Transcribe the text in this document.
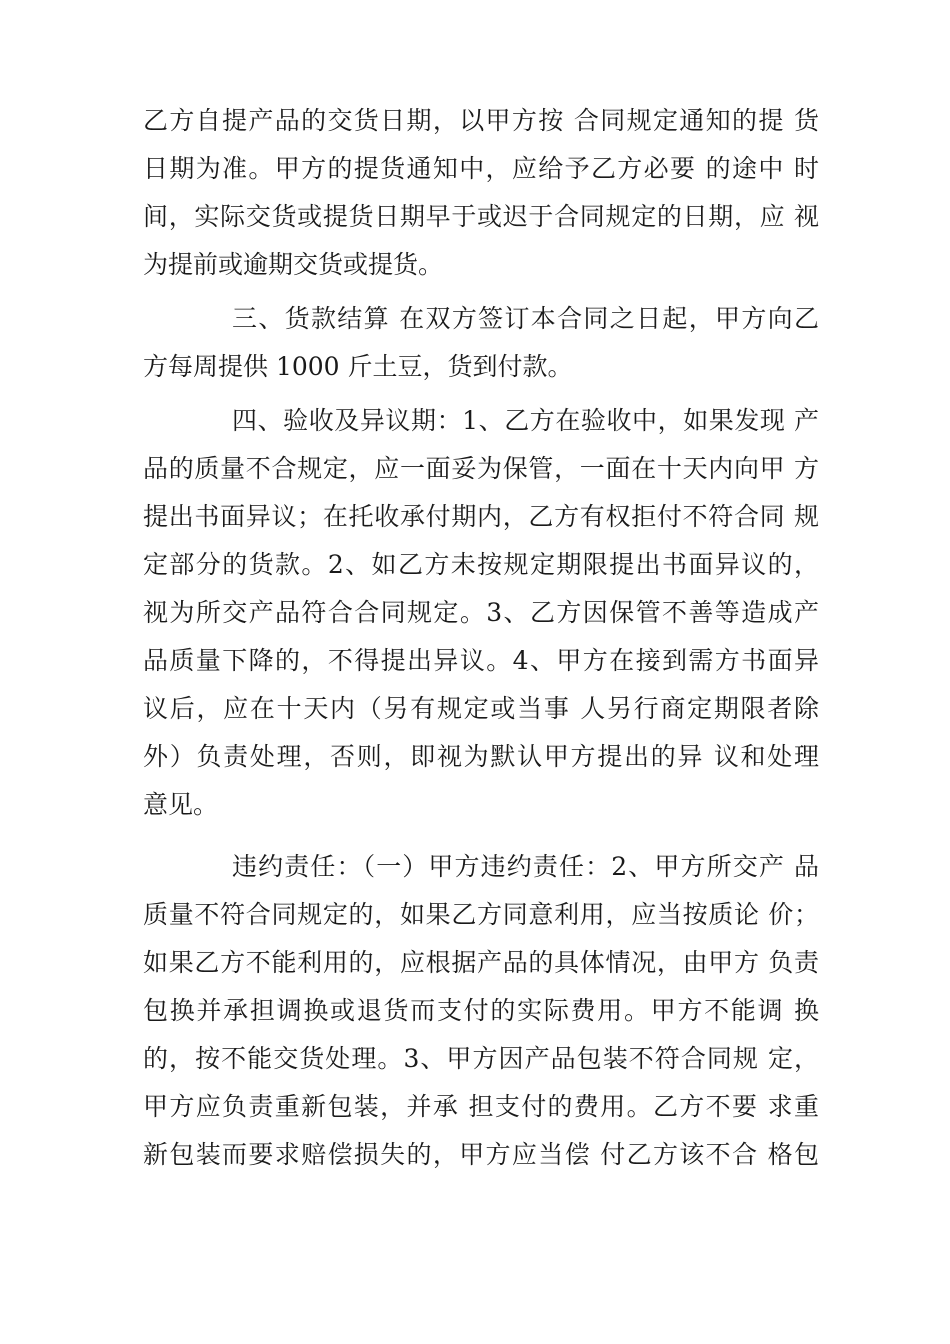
乙方自提产品的交货日期，以甲方按 合同规定通知的提 货
日期为准。甲方的提货通知中，应给予乙方必要 的途中 时
间，实际交货或提货日期早于或迟于合同规定的日期，应 视
为提前或逾期交货或提货。
三、货款结算 在双方签订本合同之日起，甲方向乙
方每周提供 1000 斤土豆，货到付款。
四、验收及异议期：1、乙方在验收中，如果发现 产
品的质量不合规定，应一面妥为保管，一面在十天内向甲 方
提出书面异议；在托收承付期内，乙方有权拒付不符合同 规
定部分的货款。2、如乙方未按规定期限提出书面异议的，
视为所交产品符合合同规定。3、乙方因保管不善等造成产
品质量下降的，不得提出异议。4、甲方在接到需方书面异
议后，应在十天内（另有规定或当事 人另行商定期限者除
外）负责处理，否则，即视为默认甲方提出的异 议和处理
意见。
违约责任：（一）甲方违约责任：2、甲方所交产 品
质量不符合同规定的，如果乙方同意利用，应当按质论 价；
如果乙方不能利用的，应根据产品的具体情况，由甲方 负责
包换并承担调换或退货而支付的实际费用。甲方不能调 换
的，按不能交货处理。3、甲方因产品包装不符合同规 定，
甲方应负责重新包装，并承 担支付的费用。乙方不要 求重
新包装而要求赔偿损失的，甲方应当偿 付乙方该不合 格包
